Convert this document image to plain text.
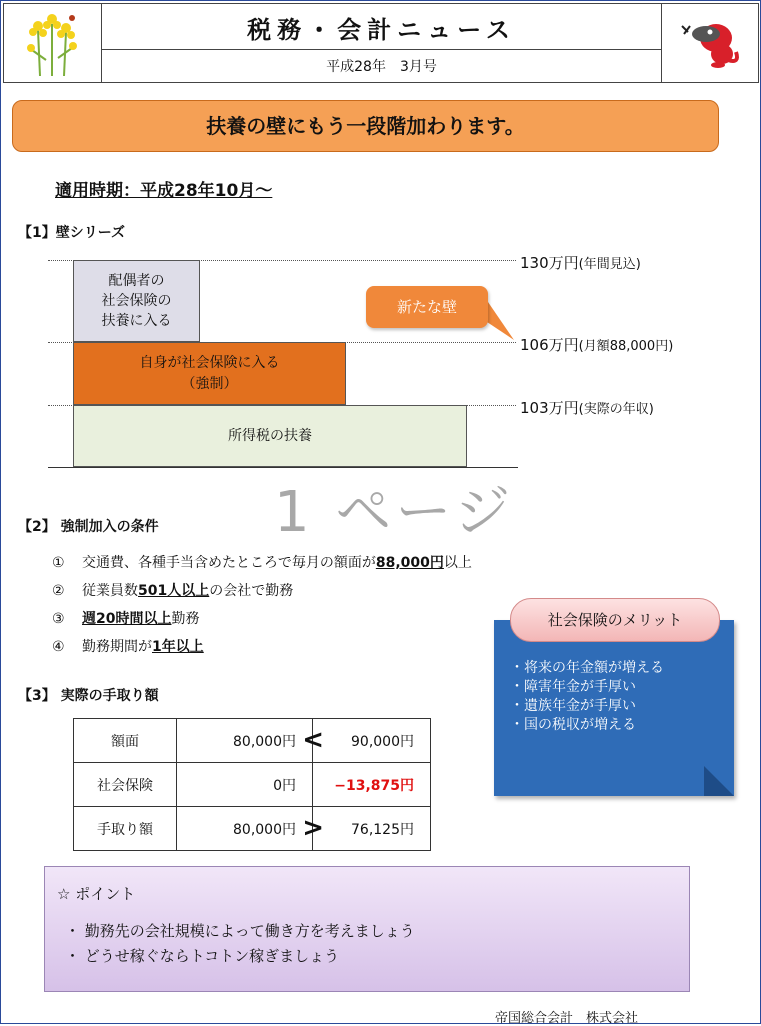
税務・会計ニュース
平成28年　3月号
扶養の壁にもう一段階加わります。
適用時期：平成28年10月～
【1】壁シリーズ
配偶者の
社会保険の
扶養に入る
自身が社会保険に入る
（強制）
所得税の扶養
130万円(年間見込)
106万円(月額88,000円)
103万円(実際の年収)
新たな壁
1 ページ
【2】 強制加入の条件
① 交通費、各種手当含めたところで毎月の額面が88,000円以上
② 従業員数501人以上の会社で勤務
③ 週20時間以上勤務
④ 勤務期間が1年以上
社会保険のメリット
・将来の年金額が増える
・障害年金が手厚い
・遺族年金が手厚い
・国の税収が増える
【3】 実際の手取り額
額面	80,000円 <	90,000円
社会保険	0円	−13,875円
手取り額	80,000円 >	76,125円
☆ ポイント
・ 勤務先の会社規模によって働き方を考えましょう
・ どうせ稼ぐならトコトン稼ぎましょう
帝国総合会計　株式会社
